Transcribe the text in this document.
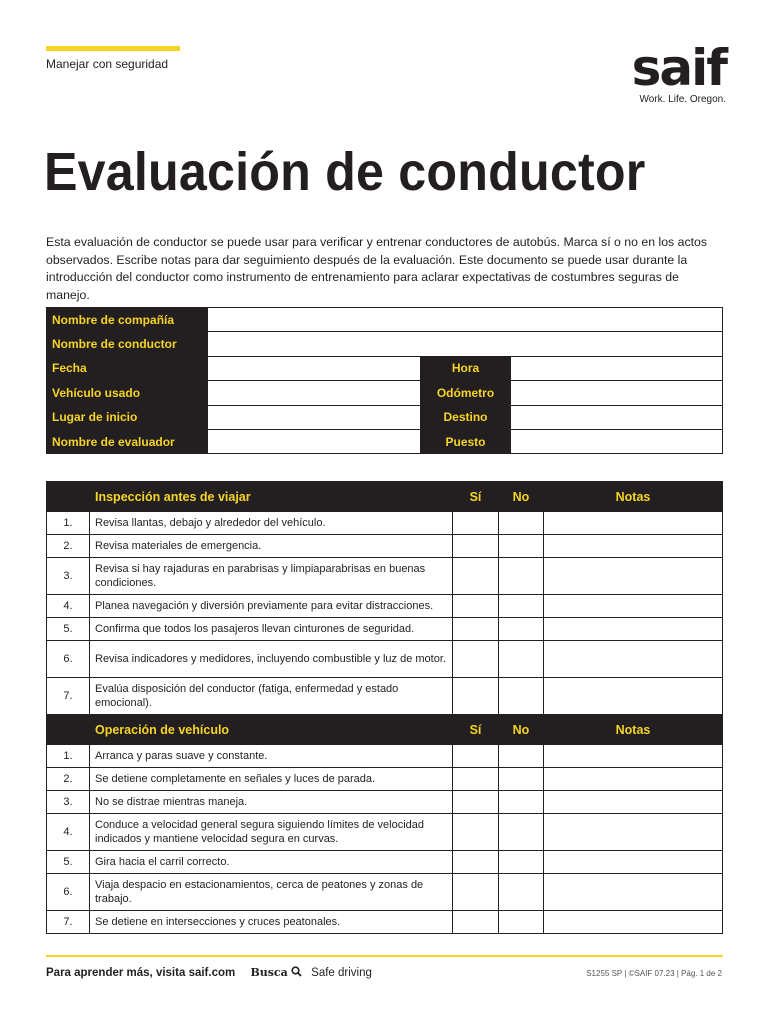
Manejar con seguridad	saif
Work. Life. Oregon.
Evaluación de conductor
Esta evaluación de conductor se puede usar para verificar y entrenar conductores de autobús. Marca sí o no en los actos observados. Escribe notas para dar seguimiento después de la evaluación. Este documento se puede usar durante la introducción del conductor como instrumento de entrenamiento para aclarar expectativas de costumbres seguras de manejo.
Nombre de compañía			
Nombre de conductor			
Fecha		Hora	
Vehículo usado		Odómetro	
Lugar de inicio		Destino	
Nombre de evaluador		Puesto	
	Inspección antes de viajar	Sí	No	Notas
1.	Revisa llantas, debajo y alrededor del vehículo.			
2.	Revisa materiales de emergencia.			
3.	Revisa si hay rajaduras en parabrisas y limpiaparabrisas en buenas condiciones.			
4.	Planea navegación y diversión previamente para evitar distracciones.			
5.	Confirma que todos los pasajeros llevan cinturones de seguridad.			
6.	Revisa indicadores y medidores, incluyendo combustible y luz de motor.			
7.	Evalúa disposición del conductor (fatiga, enfermedad y estado emocional).			
	Operación de vehículo	Sí	No	Notas
1.	Arranca y paras suave y constante.			
2.	Se detiene completamente en señales y luces de parada.			
3.	No se distrae mientras maneja.			
4.	Conduce a velocidad general segura siguiendo límites de velocidad indicados y mantiene velocidad segura en curvas.			
5.	Gira hacia el carril correcto.			
6.	Viaja despacio en estacionamientos, cerca de peatones y zonas de trabajo.			
7.	Se detiene en intersecciones y cruces peatonales.			
Para aprender más, visita saif.com Busca Safe driving	S1255 SP | ©SAIF 07.23 | Pág. 1 de 2
